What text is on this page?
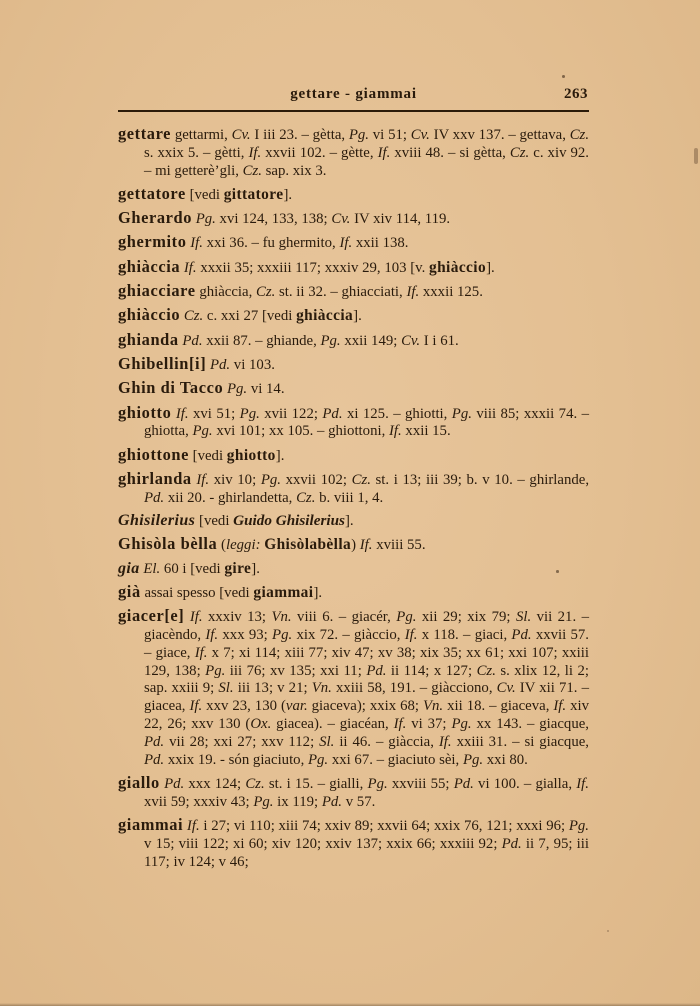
gettare - giammai	263

gettare gettarmi, Cv. I iii 23. – gètta, Pg. vi 51; Cv. IV xxv 137. – gettava, Cz. s. xxix 5. – gètti, If. xxvii 102. – gètte, If. xviii 48. – si gètta, Cz. c. xiv 92. – mi getterè’gli, Cz. sap. xix 3.

gettatore [vedi gittatore].

Gherardo Pg. xvi 124, 133, 138; Cv. IV xiv 114, 119.

ghermito If. xxi 36. – fu ghermito, If. xxii 138.

ghiàccia If. xxxii 35; xxxiii 117; xxxiv 29, 103 [v. ghiàccio].

ghiacciare ghiàccia, Cz. st. ii 32. – ghiacciati, If. xxxii 125.

ghiàccio Cz. c. xxi 27 [vedi ghiàccia].

ghianda Pd. xxii 87. – ghiande, Pg. xxii 149; Cv. I i 61.

Ghibellin[i] Pd. vi 103.

Ghin di Tacco Pg. vi 14.

ghiotto If. xvi 51; Pg. xvii 122; Pd. xi 125. – ghiotti, Pg. viii 85; xxxii 74. – ghiotta, Pg. xvi 101; xx 105. – ghiottoni, If. xxii 15.

ghiottone [vedi ghiotto].

ghirlanda If. xiv 10; Pg. xxvii 102; Cz. st. i 13; iii 39; b. v 10. – ghirlande, Pd. xii 20. - ghirlandetta, Cz. b. viii 1, 4.

Ghisilerius [vedi Guido Ghisilerius].

Ghisòla bèlla (leggi: Ghisòlabèlla) If. xviii 55.

gia El. 60 i [vedi gire].

già assai spesso [vedi giammai].

giacer[e] If. xxxiv 13; Vn. viii 6. – giacér, Pg. xii 29; xix 79; Sl. vii 21. – giacèndo, If. xxx 93; Pg. xix 72. – giàccio, If. x 118. – giaci, Pd. xxvii 57. – giace, If. x 7; xi 114; xiii 77; xiv 47; xv 38; xix 35; xx 61; xxi 107; xxiii 129, 138; Pg. iii 76; xv 135; xxi 11; Pd. ii 114; x 127; Cz. s. xlix 12, li 2; sap. xxiii 9; Sl. iii 13; v 21; Vn. xxiii 58, 191. – giàcciono, Cv. IV xii 71. – giacea, If. xxv 23, 130 (var. giaceva); xxix 68; Vn. xii 18. – giaceva, If. xiv 22, 26; xxv 130 (Ox. giacea). – giacéan, If. vi 37; Pg. xx 143. – giacque, Pd. vii 28; xxi 27; xxv 112; Sl. ii 46. – giàccia, If. xxiii 31. – si giacque, Pd. xxix 19. - són giaciuto, Pg. xxi 67. – giaciuto sèi, Pg. xxi 80.

giallo Pd. xxx 124; Cz. st. i 15. – gialli, Pg. xxviii 55; Pd. vi 100. – gialla, If. xvii 59; xxxiv 43; Pg. ix 119; Pd. v 57.

giammai If. i 27; vi 110; xiii 74; xxiv 89; xxvii 64; xxix 76, 121; xxxi 96; Pg. v 15; viii 122; xi 60; xiv 120; xxiv 137; xxix 66; xxxiii 92; Pd. ii 7, 95; iii 117; iv 124; v 46;
